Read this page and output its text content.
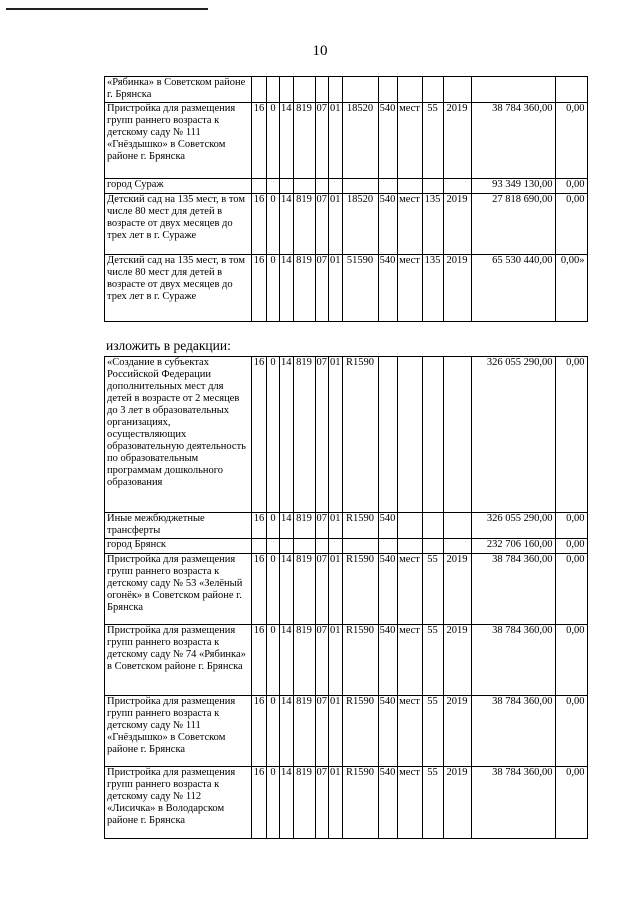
10
«Рябинка» в Советском районе г. Брянска													
Пристройка для размещения групп раннего возраста к детскому саду № 111 «Гнёздышко» в Советском районе г. Брянска	16	0	14	819	07	01	18520	540	мест	55	2019	38 784 360,00	0,00
город Сураж												93 349 130,00	0,00
Детский сад на 135 мест, в том числе 80 мест для детей в возрасте от двух месяцев до трех лет в г. Сураже	16	0	14	819	07	01	18520	540	мест	135	2019	27 818 690,00	0,00
Детский сад на 135 мест, в том числе 80 мест для детей в возрасте от двух месяцев до трех лет в г. Сураже	16	0	14	819	07	01	51590	540	мест	135	2019	65 530 440,00	0,00»
изложить в редакции:
«Создание в субъектах Российской Федерации дополнительных мест для детей в возрасте от 2 месяцев до 3 лет в образовательных организациях, осуществляющих образовательную деятельность по образовательным программам дошкольного образования	16	0	14	819	07	01	R1590					326 055 290,00	0,00
Иные межбюджетные трансферты	16	0	14	819	07	01	R1590	540				326 055 290,00	0,00
город Брянск												232 706 160,00	0,00
Пристройка для размещения групп раннего возраста к детскому саду № 53 «Зелёный огонёк» в Советском районе г. Брянска	16	0	14	819	07	01	R1590	540	мест	55	2019	38 784 360,00	0,00
Пристройка для размещения групп раннего возраста к детскому саду № 74 «Рябинка» в Советском районе г. Брянска	16	0	14	819	07	01	R1590	540	мест	55	2019	38 784 360,00	0,00
Пристройка для размещения групп раннего возраста к детскому саду № 111 «Гнёздышко» в Советском районе г. Брянска	16	0	14	819	07	01	R1590	540	мест	55	2019	38 784 360,00	0,00
Пристройка для размещения групп раннего возраста к детскому саду № 112 «Лисичка» в Володарском районе г. Брянска	16	0	14	819	07	01	R1590	540	мест	55	2019	38 784 360,00	0,00
